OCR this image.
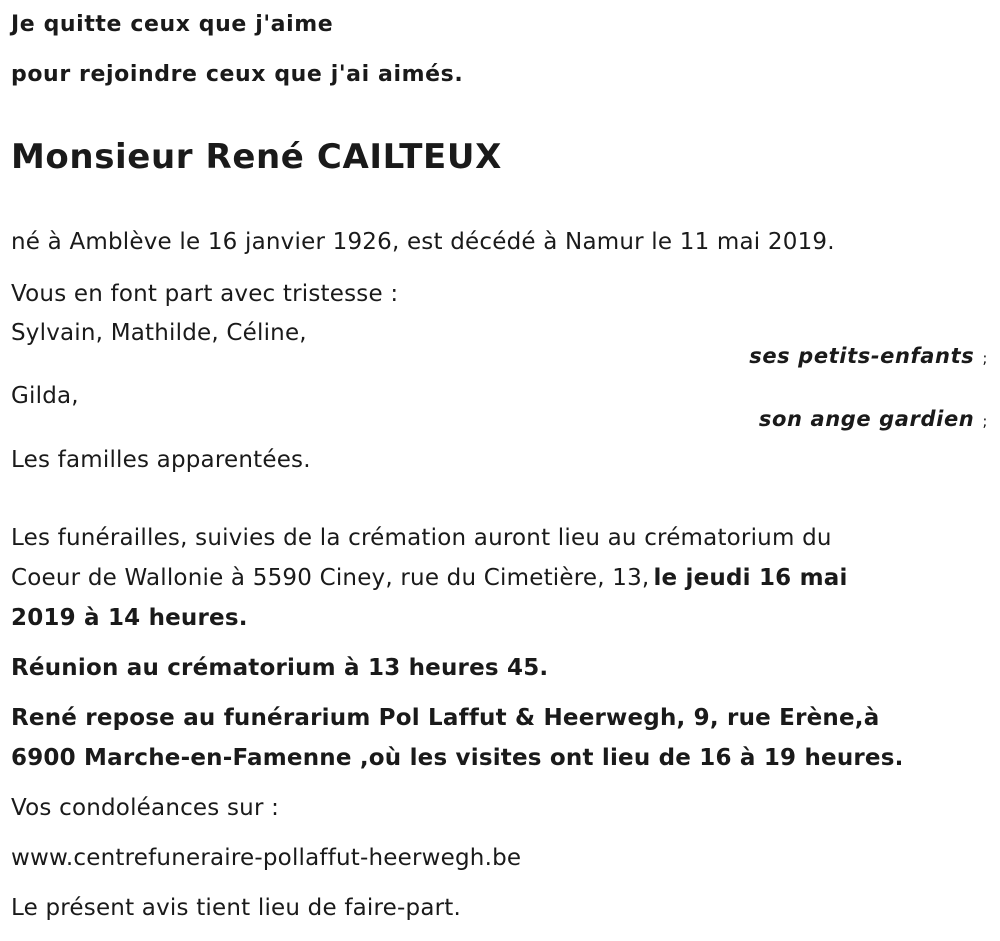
Je quitte ceux que j'aime
pour rejoindre ceux que j'ai aimés.
Monsieur René CAILTEUX
né à Amblève le 16 janvier 1926, est décédé à Namur le 11 mai 2019.
Vous en font part avec tristesse :
Sylvain, Mathilde, Céline,
ses petits-enfants ;
Gilda,
son ange gardien ;
Les familles apparentées.
Les funérailles, suivies de la crémation auront lieu au crématorium du
Coeur de Wallonie à 5590 Ciney, rue du Cimetière, 13, le jeudi 16 mai
2019 à 14 heures.
Réunion au crématorium à 13 heures 45.
René repose au funérarium Pol Laffut & Heerwegh, 9, rue Erène,à
6900 Marche-en-Famenne ,où les visites ont lieu de 16 à 19 heures.
Vos condoléances sur :
www.centrefuneraire-pollaffut-heerwegh.be
Le présent avis tient lieu de faire-part.
